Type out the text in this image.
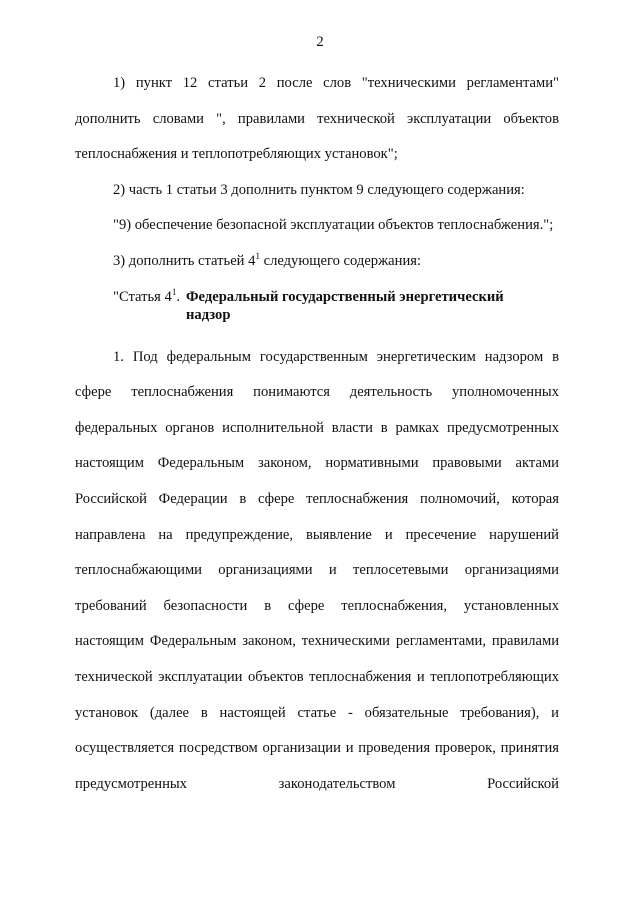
2

1) пункт 12 статьи 2 после слов "техническими регламентами" дополнить словами ", правилами технической эксплуатации объектов теплоснабжения и теплопотребляющих установок";

2) часть 1 статьи 3 дополнить пунктом 9 следующего содержания:

"9) обеспечение безопасной эксплуатации объектов теплоснабжения.";

3) дополнить статьей $4^1$ следующего содержания:

"Статья $4^1$. Федеральный государственный энергетический надзор

1. Под федеральным государственным энергетическим надзором в сфере теплоснабжения понимаются деятельность уполномоченных федеральных органов исполнительной власти в рамках предусмотренных настоящим Федеральным законом, нормативными правовыми актами Российской Федерации в сфере теплоснабжения полномочий, которая направлена на предупреждение, выявление и пресечение нарушений теплоснабжающими организациями и теплосетевыми организациями требований безопасности в сфере теплоснабжения, установленных настоящим Федеральным законом, техническими регламентами, правилами технической эксплуатации объектов теплоснабжения и теплопотребляющих установок (далее в настоящей статье - обязательные требования), и осуществляется посредством организации и проведения проверок, принятия предусмотренных законодательством Российской
